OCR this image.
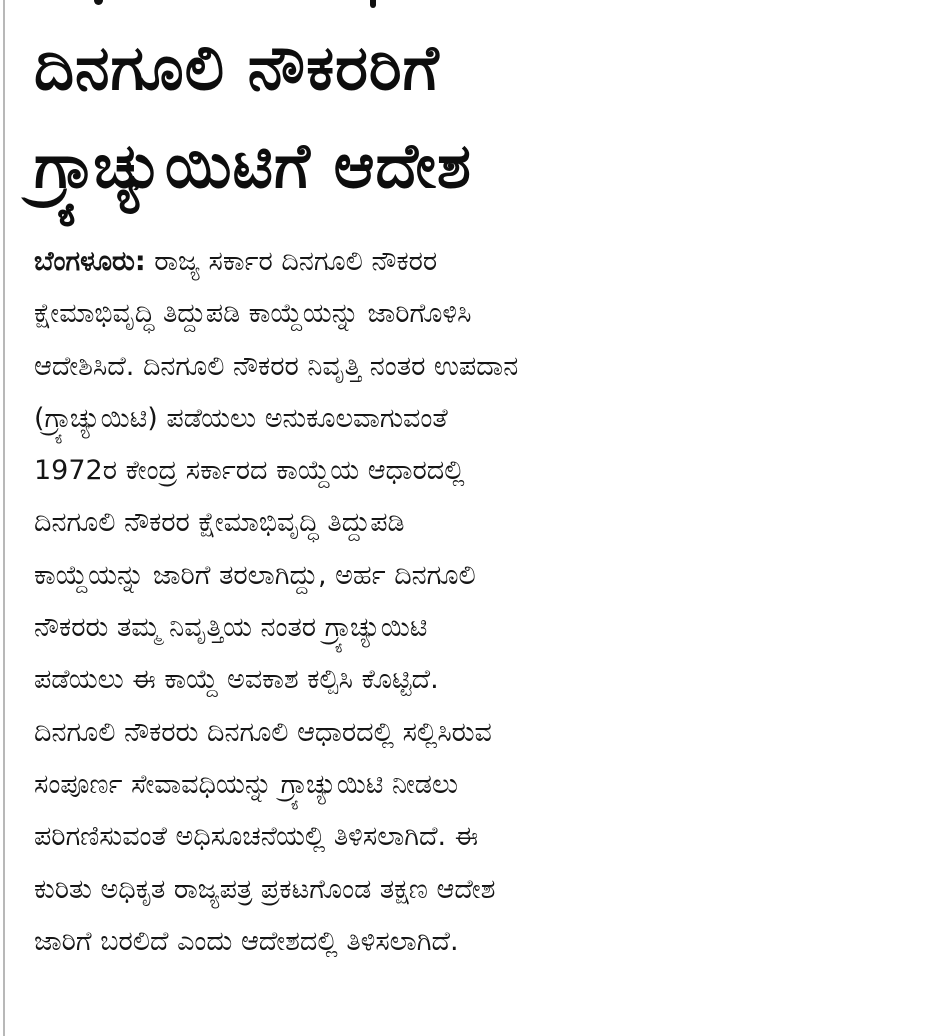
ದಿನಗೂಲಿ ನೌಕರರಿಗೆ
ಗ್ರ್ಯಾಚ್ಯುಯಿಟಿಗೆ ಆದೇಶ
ಬೆಂಗಳೂರು: ರಾಜ್ಯ ಸರ್ಕಾರ ದಿನಗೂಲಿ ನೌಕರರ
ಕ್ಷೇಮಾಭಿವೃದ್ಧಿ ತಿದ್ದುಪಡಿ ಕಾಯ್ದೆಯನ್ನು ಜಾರಿಗೊಳಿಸಿ
ಆದೇಶಿಸಿದೆ. ದಿನಗೂಲಿ ನೌಕರರ ನಿವೃತ್ತಿ ನಂತರ ಉಪದಾನ
(ಗ್ರ್ಯಾಚ್ಯುಯಿಟಿ) ಪಡೆಯಲು ಅನುಕೂಲವಾಗುವಂತೆ
1972ರ ಕೇಂದ್ರ ಸರ್ಕಾರದ ಕಾಯ್ದೆಯ ಆಧಾರದಲ್ಲಿ
ದಿನಗೂಲಿ ನೌಕರರ ಕ್ಷೇಮಾಭಿವೃದ್ಧಿ ತಿದ್ದುಪಡಿ
ಕಾಯ್ದೆಯನ್ನು ಜಾರಿಗೆ ತರಲಾಗಿದ್ದು, ಅರ್ಹ ದಿನಗೂಲಿ
ನೌಕರರು ತಮ್ಮ ನಿವೃತ್ತಿಯ ನಂತರ ಗ್ರ್ಯಾಚ್ಯುಯಿಟಿ
ಪಡೆಯಲು ಈ ಕಾಯ್ದೆ ಅವಕಾಶ ಕಲ್ಪಿಸಿ ಕೊಟ್ಟಿದೆ.
ದಿನಗೂಲಿ ನೌಕರರು ದಿನಗೂಲಿ ಆಧಾರದಲ್ಲಿ ಸಲ್ಲಿಸಿರುವ
ಸಂಪೂರ್ಣ ಸೇವಾವಧಿಯನ್ನು ಗ್ರ್ಯಾಚ್ಯುಯಿಟಿ ನೀಡಲು
ಪರಿಗಣಿಸುವಂತೆ ಅಧಿಸೂಚನೆಯಲ್ಲಿ ತಿಳಿಸಲಾಗಿದೆ. ಈ
ಕುರಿತು ಅಧಿಕೃತ ರಾಜ್ಯಪತ್ರ ಪ್ರಕಟಗೊಂಡ ತಕ್ಷಣ ಆದೇಶ
ಜಾರಿಗೆ ಬರಲಿದೆ ಎಂದು ಆದೇಶದಲ್ಲಿ ತಿಳಿಸಲಾಗಿದೆ.
